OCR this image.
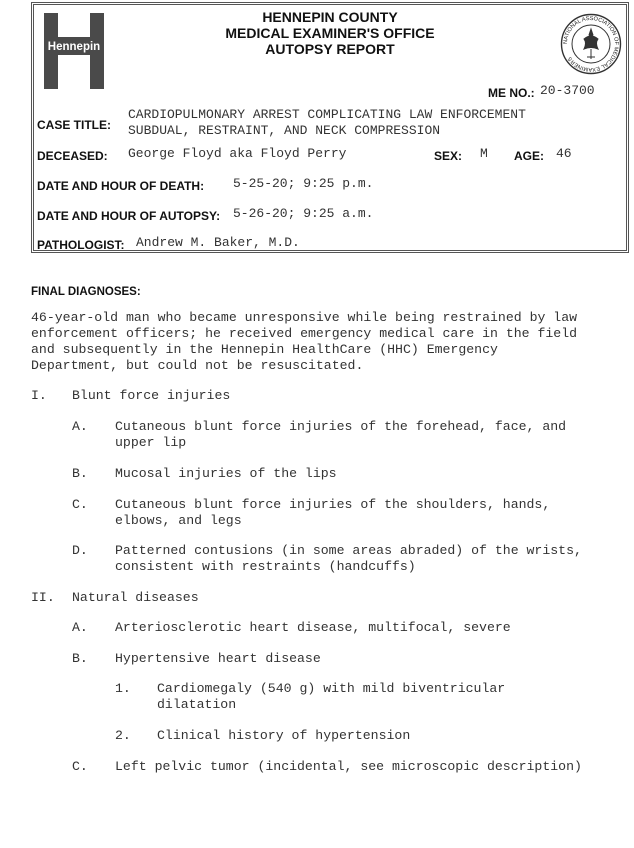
Hennepin
HENNEPIN COUNTY
MEDICAL EXAMINER'S OFFICE
AUTOPSY REPORT	NATIONAL ASSOCIATION OF MEDICAL EXAMINERS
ME NO.: 20-3700
CASE TITLE:
CARDIOPULMONARY ARREST COMPLICATING LAW ENFORCEMENT
SUBDUAL, RESTRAINT, AND NECK COMPRESSION
DECEASED: George Floyd aka Floyd Perry	SEX: M AGE: 46
DATE AND HOUR OF DEATH: 5-25-20; 9:25 p.m.
DATE AND HOUR OF AUTOPSY: 5-26-20; 9:25 a.m.
PATHOLOGIST: Andrew M. Baker, M.D.
FINAL DIAGNOSES:
46-year-old man who became unresponsive while being restrained by law
enforcement officers; he received emergency medical care in the field
and subsequently in the Hennepin HealthCare (HHC) Emergency
Department, but could not be resuscitated.
I. Blunt force injuries
A. Cutaneous blunt force injuries of the forehead, face, and
upper lip
B. Mucosal injuries of the lips
C. Cutaneous blunt force injuries of the shoulders, hands,
elbows, and legs
D. Patterned contusions (in some areas abraded) of the wrists,
consistent with restraints (handcuffs)
II. Natural diseases
A. Arteriosclerotic heart disease, multifocal, severe
B. Hypertensive heart disease
1. Cardiomegaly (540 g) with mild biventricular
dilatation
2. Clinical history of hypertension
C. Left pelvic tumor (incidental, see microscopic description)
